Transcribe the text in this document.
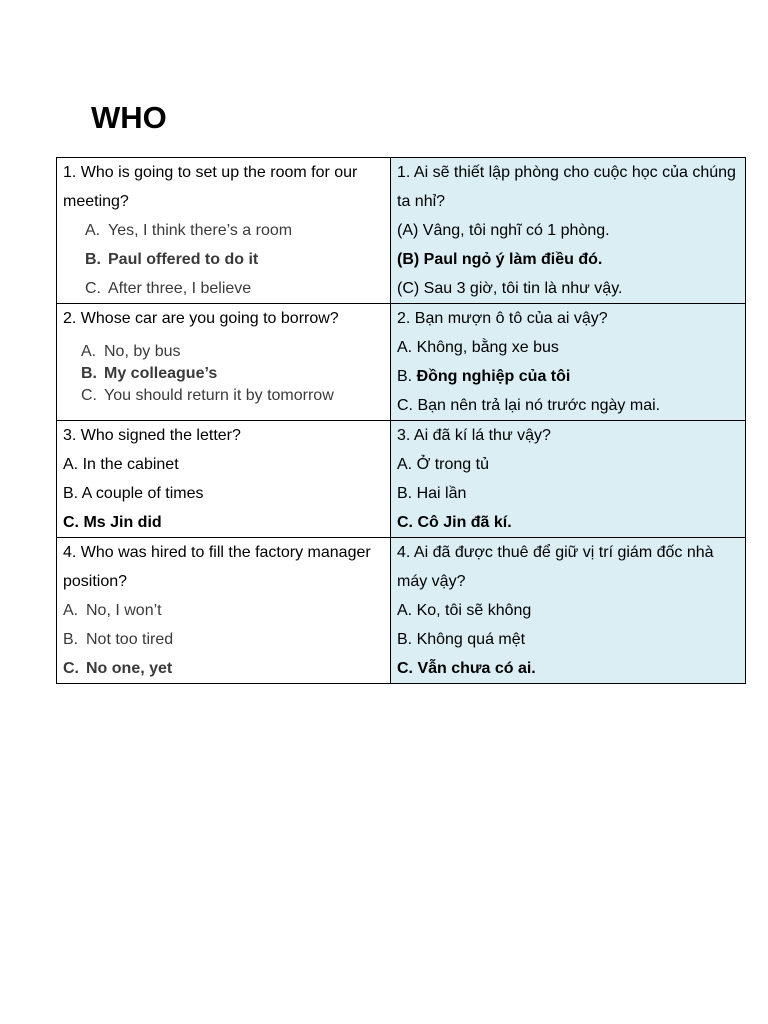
WHO
1. Who is going to set up the room for our meeting?
A. Yes, I think there’s a room
B. Paul offered to do it
C. After three, I believe	1. Ai sẽ thiết lập phòng cho cuộc học của chúng ta nhỉ?
(A) Vâng, tôi nghĩ có 1 phòng.
(B) Paul ngỏ ý làm điều đó.
(C) Sau 3 giờ, tôi tin là như vậy.

2. Whose car are you going to borrow?
A. No, by bus
B. My colleague’s
C. You should return it by tomorrow	2. Bạn mượn ô tô của ai vậy?
A. Không, bằng xe bus
B. Đồng nghiệp của tôi
C. Bạn nên trả lại nó trước ngày mai.

3. Who signed the letter?
A. In the cabinet
B. A couple of times
C. Ms Jin did	3. Ai đã kí lá thư vậy?
A. Ở trong tủ
B. Hai lần
C. Cô Jin đã kí.

4. Who was hired to fill the factory manager position?
A. No, I won’t
B. Not too tired
C. No one, yet	4. Ai đã được thuê để giữ vị trí giám đốc nhà máy vậy?
A. Ko, tôi sẽ không
B. Không quá mệt
C. Vẫn chưa có ai.
